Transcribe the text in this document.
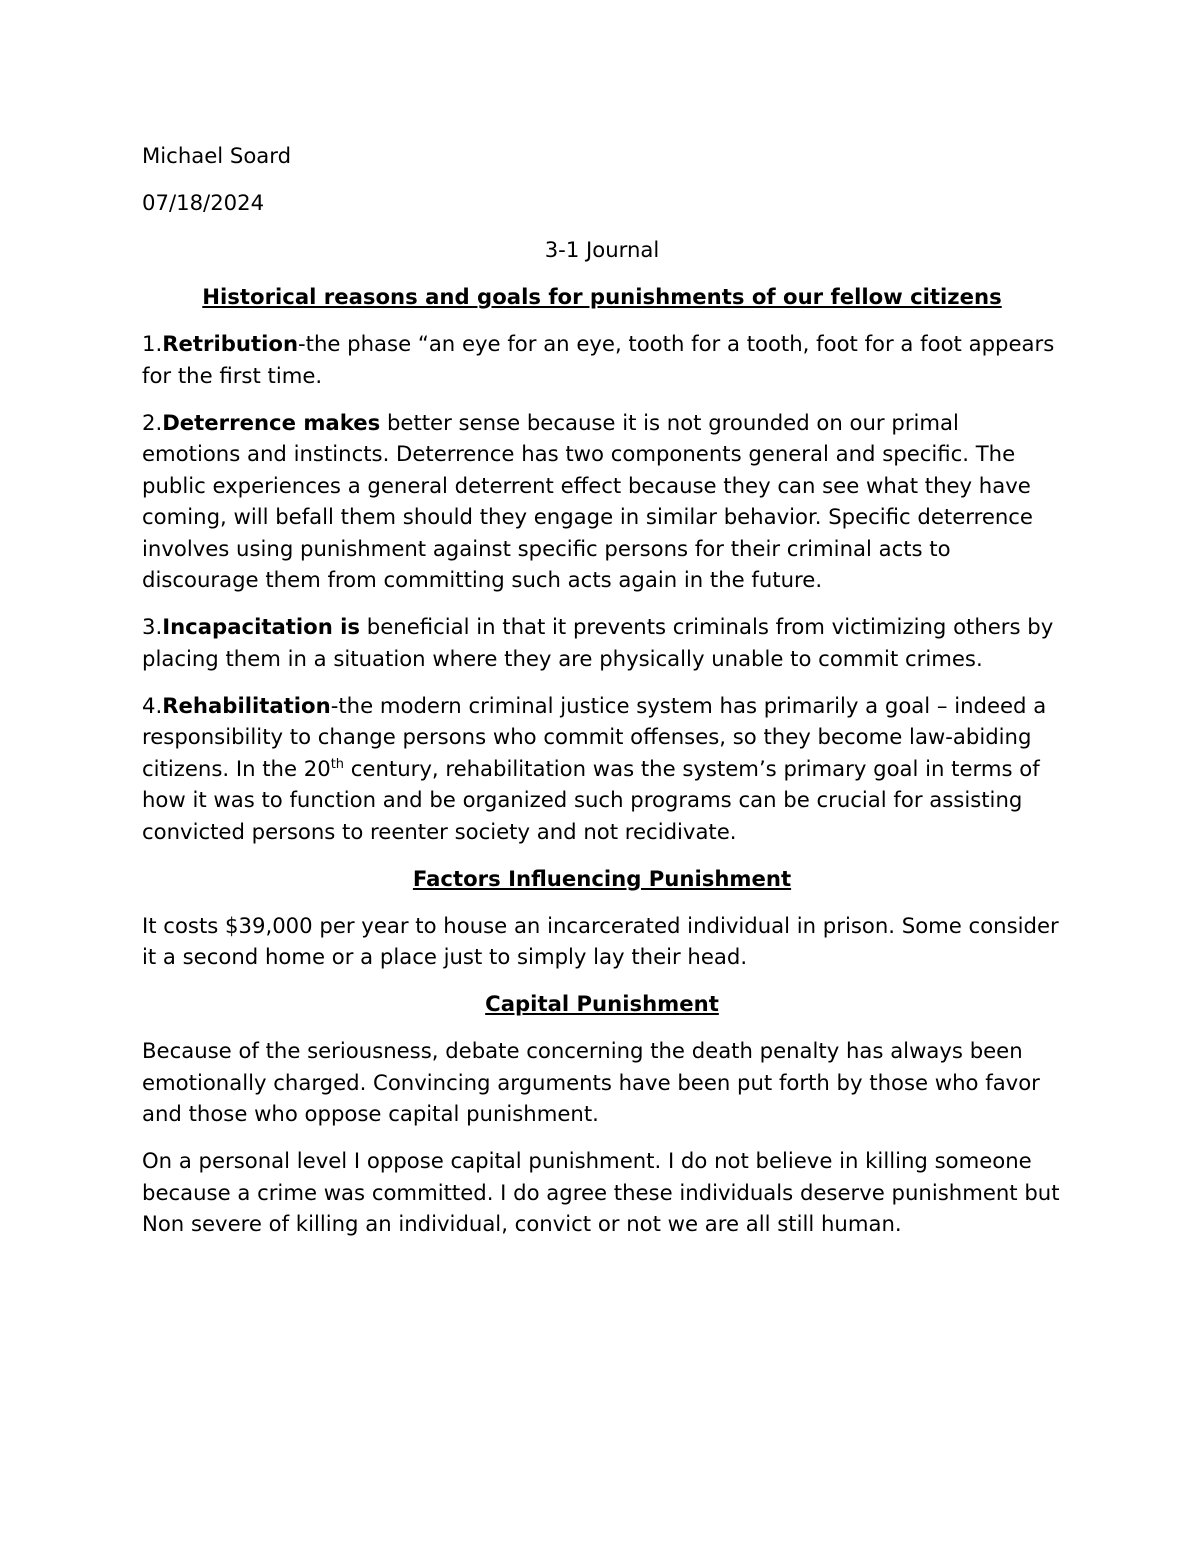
Michael Soard

07/18/2024

3-1 Journal

Historical reasons and goals for punishments of our fellow citizens

1.Retribution-the phase “an eye for an eye, tooth for a tooth, foot for a foot appears for the first time.

2.Deterrence makes better sense because it is not grounded on our primal emotions and instincts. Deterrence has two components general and specific. The public experiences a general deterrent effect because they can see what they have coming, will befall them should they engage in similar behavior. Specific deterrence involves using punishment against specific persons for their criminal acts to discourage them from committing such acts again in the future.

3.Incapacitation is beneficial in that it prevents criminals from victimizing others by placing them in a situation where they are physically unable to commit crimes.

4.Rehabilitation-the modern criminal justice system has primarily a goal – indeed a responsibility to change persons who commit offenses, so they become law-abiding citizens. In the 20th century, rehabilitation was the system’s primary goal in terms of how it was to function and be organized such programs can be crucial for assisting convicted persons to reenter society and not recidivate.

Factors Influencing Punishment

It costs $39,000 per year to house an incarcerated individual in prison. Some consider it a second home or a place just to simply lay their head.

Capital Punishment

Because of the seriousness, debate concerning the death penalty has always been emotionally charged. Convincing arguments have been put forth by those who favor and those who oppose capital punishment.

On a personal level I oppose capital punishment. I do not believe in killing someone because a crime was committed. I do agree these individuals deserve punishment but Non severe of killing an individual, convict or not we are all still human.
